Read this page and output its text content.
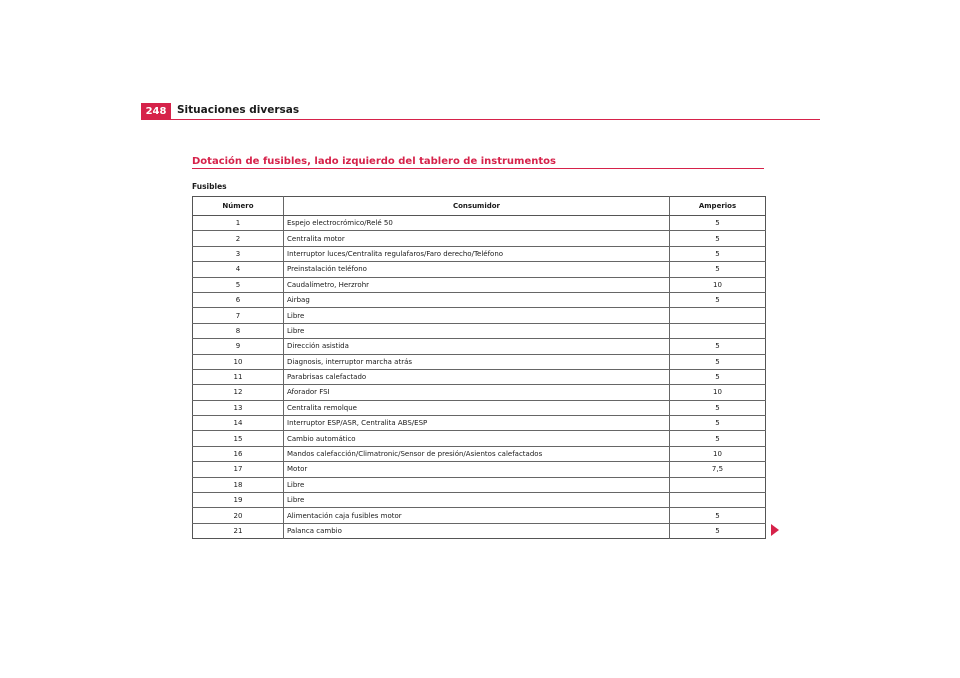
248	Situaciones diversas
Dotación de fusibles, lado izquierdo del tablero de instrumentos
Fusibles
Número	Consumidor	Amperios
1	Espejo electrocrómico/Relé 50	5
2	Centralita motor	5
3	Interruptor luces/Centralita regulafaros/Faro derecho/Teléfono	5
4	Preinstalación teléfono	5
5	Caudalímetro, Herzrohr	10
6	Airbag	5
7	Libre	
8	Libre	
9	Dirección asistida	5
10	Diagnosis, interruptor marcha atrás	5
11	Parabrisas calefactado	5
12	Aforador FSI	10
13	Centralita remolque	5
14	Interruptor ESP/ASR, Centralita ABS/ESP	5
15	Cambio automático	5
16	Mandos calefacción/Climatronic/Sensor de presión/Asientos calefactados	10
17	Motor	7,5
18	Libre	
19	Libre	
20	Alimentación caja fusibles motor	5
21	Palanca cambio	5
